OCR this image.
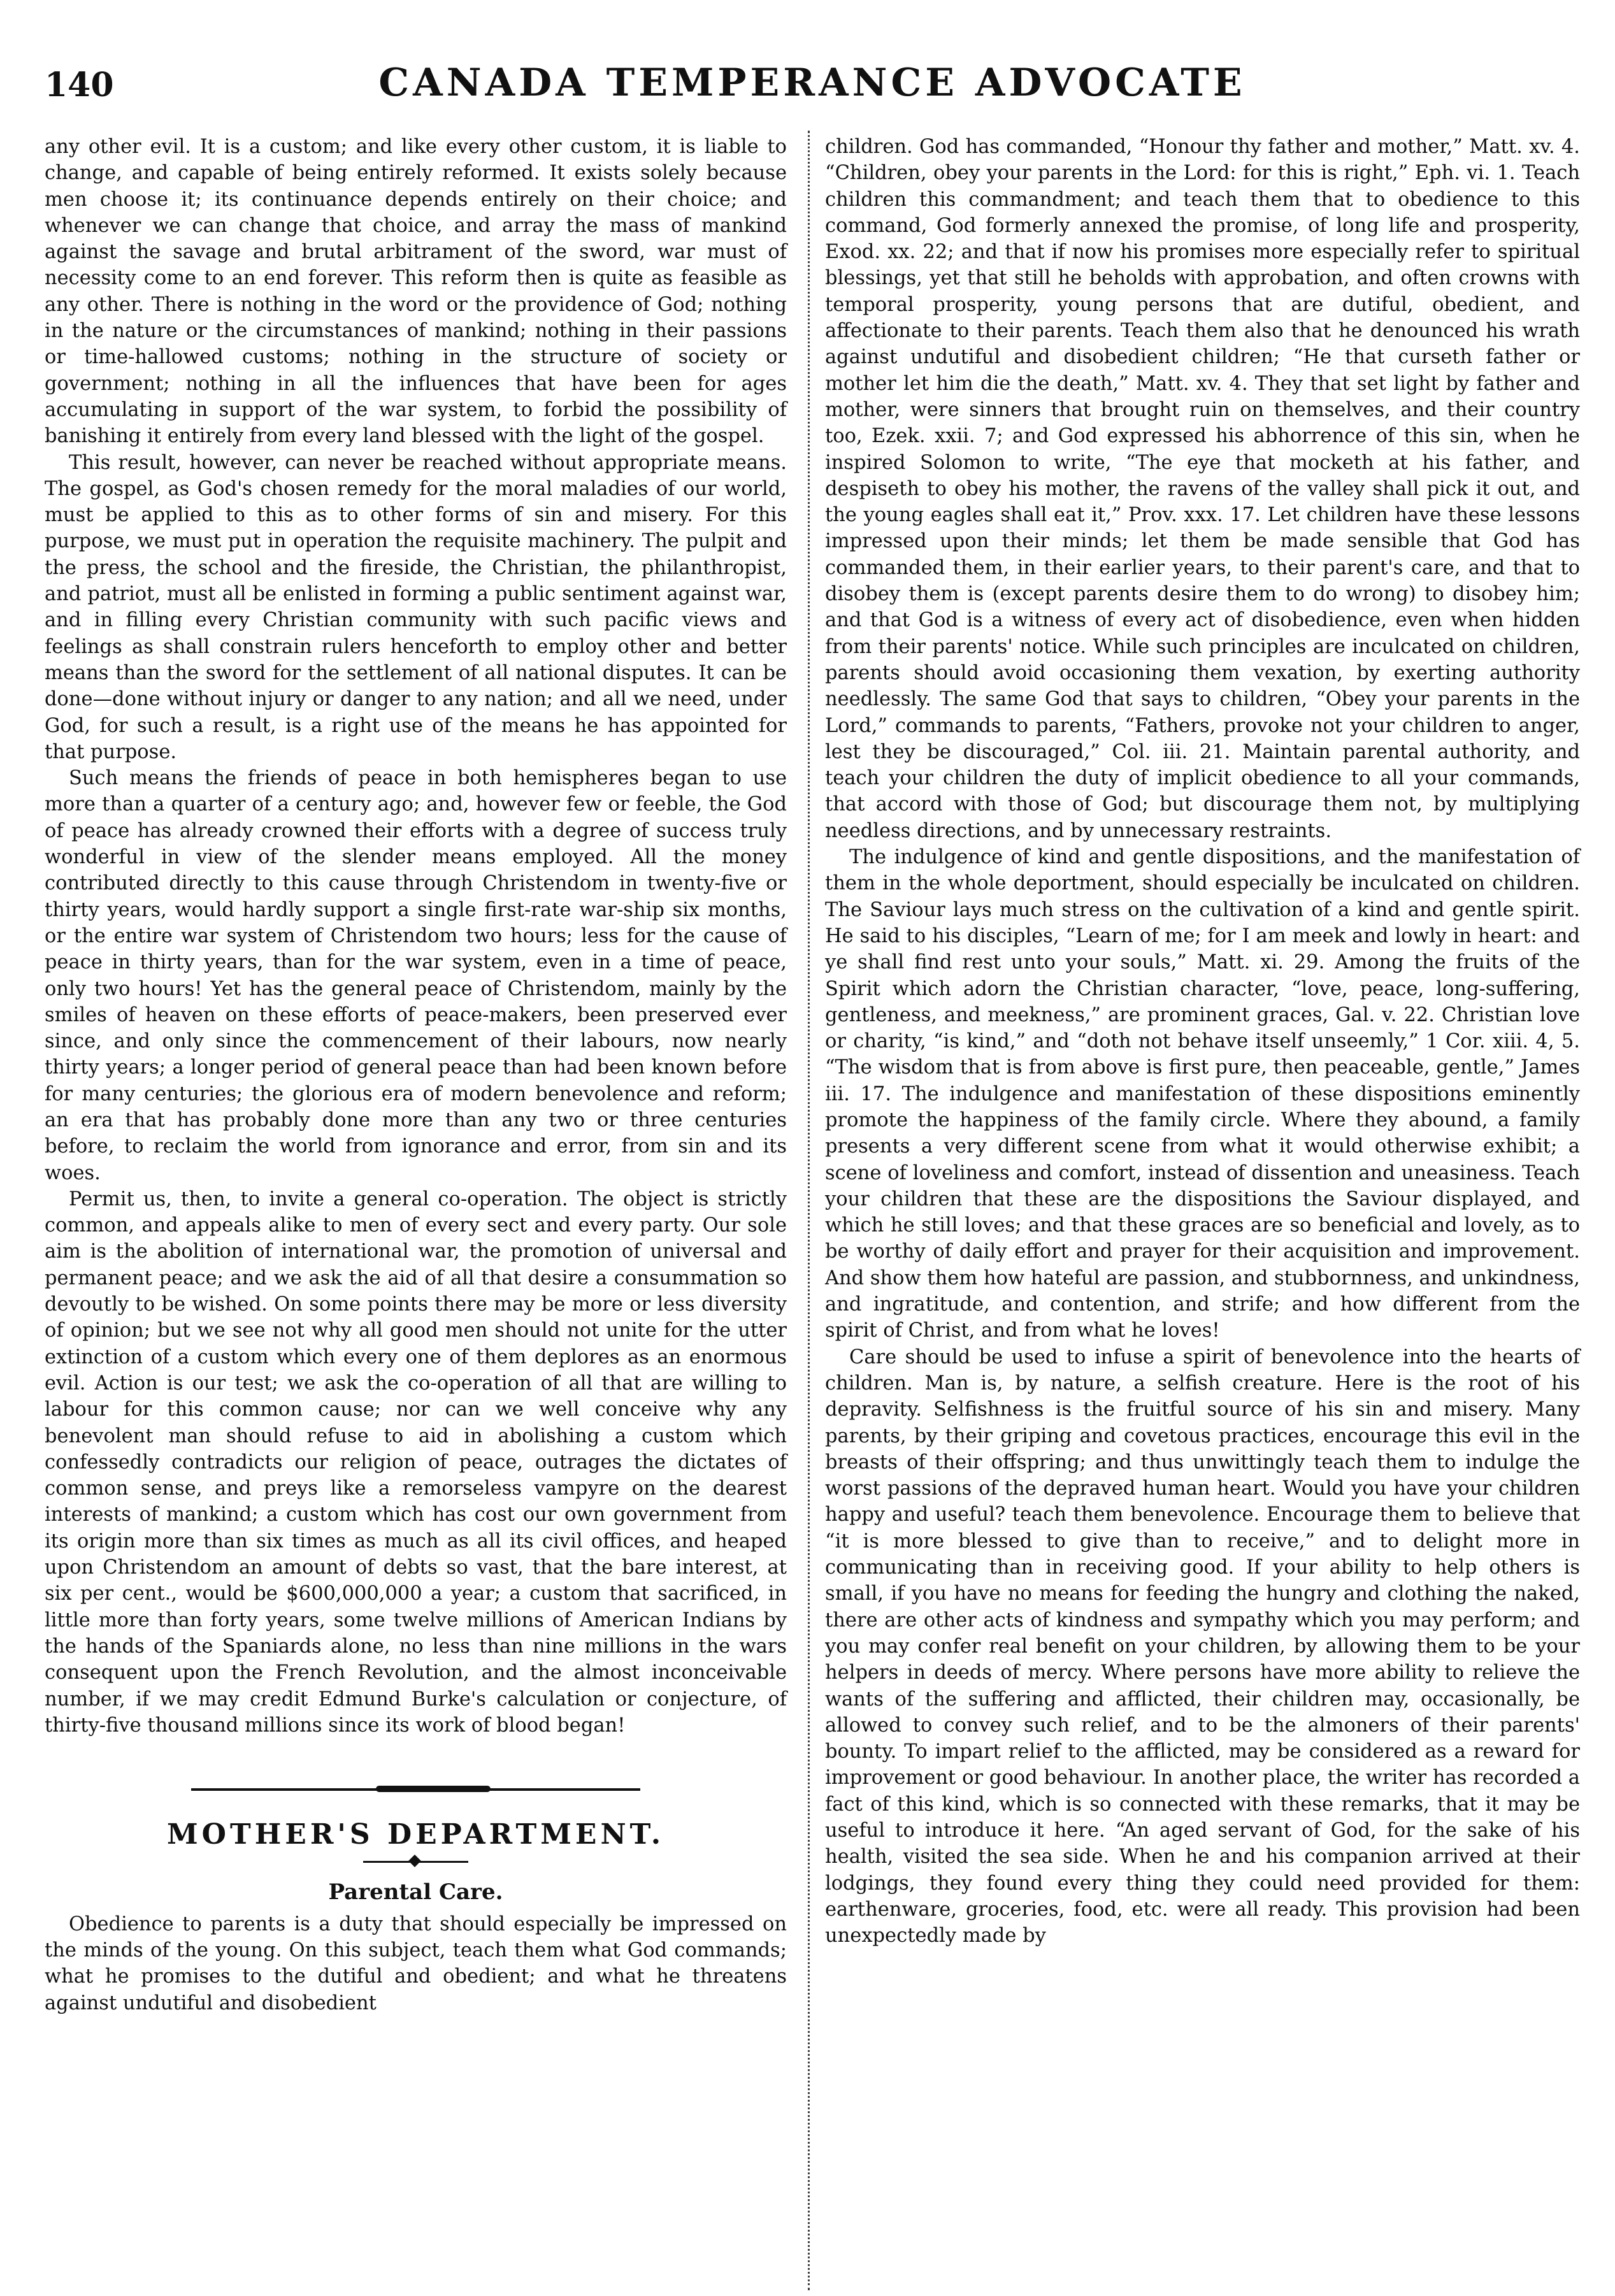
140	CANADA TEMPERANCE ADVOCATE

any other evil. It is a custom; and like every other custom, it is liable to change, and capable of being entirely reformed. It exists solely because men choose it; its continuance depends entirely on their choice; and whenever we can change that choice, and array the mass of mankind against the savage and brutal arbitrament of the sword, war must of necessity come to an end forever. This reform then is quite as feasible as any other. There is nothing in the word or the providence of God; nothing in the nature or the circumstances of mankind; nothing in their passions or time-hallowed customs; nothing in the structure of society or government; nothing in all the influences that have been for ages accumulating in support of the war system, to forbid the possibility of banishing it entirely from every land blessed with the light of the gospel.

This result, however, can never be reached without appropriate means. The gospel, as God's chosen remedy for the moral maladies of our world, must be applied to this as to other forms of sin and misery. For this purpose, we must put in operation the requisite machinery. The pulpit and the press, the school and the fireside, the Christian, the philanthropist, and patriot, must all be enlisted in forming a public sentiment against war, and in filling every Christian community with such pacific views and feelings as shall constrain rulers henceforth to employ other and better means than the sword for the settlement of all national disputes. It can be done—done without injury or danger to any nation; and all we need, under God, for such a result, is a right use of the means he has appointed for that purpose.

Such means the friends of peace in both hemispheres began to use more than a quarter of a century ago; and, however few or feeble, the God of peace has already crowned their efforts with a degree of success truly wonderful in view of the slender means employed. All the money contributed directly to this cause through Christendom in twenty-five or thirty years, would hardly support a single first-rate war-ship six months, or the entire war system of Christendom two hours; less for the cause of peace in thirty years, than for the war system, even in a time of peace, only two hours! Yet has the general peace of Christendom, mainly by the smiles of heaven on these efforts of peace-makers, been preserved ever since, and only since the commencement of their labours, now nearly thirty years; a longer period of general peace than had been known before for many centuries; the glorious era of modern benevolence and reform; an era that has probably done more than any two or three centuries before, to reclaim the world from ignorance and error, from sin and its woes.

Permit us, then, to invite a general co-operation. The object is strictly common, and appeals alike to men of every sect and every party. Our sole aim is the abolition of international war, the promotion of universal and permanent peace; and we ask the aid of all that desire a consummation so devoutly to be wished. On some points there may be more or less diversity of opinion; but we see not why all good men should not unite for the utter extinction of a custom which every one of them deplores as an enormous evil. Action is our test; we ask the co-operation of all that are willing to labour for this common cause; nor can we well conceive why any benevolent man should refuse to aid in abolishing a custom which confessedly contradicts our religion of peace, outrages the dictates of common sense, and preys like a remorseless vampyre on the dearest interests of mankind; a custom which has cost our own government from its origin more than six times as much as all its civil offices, and heaped upon Christendom an amount of debts so vast, that the bare interest, at six per cent., would be $600,000,000 a year; a custom that sacrificed, in little more than forty years, some twelve millions of American Indians by the hands of the Spaniards alone, no less than nine millions in the wars consequent upon the French Revolution, and the almost inconceivable number, if we may credit Edmund Burke's calculation or conjecture, of thirty-five thousand millions since its work of blood began!

MOTHER'S DEPARTMENT.
Parental Care.

Obedience to parents is a duty that should especially be impressed on the minds of the young. On this subject, teach them what God commands; what he promises to the dutiful and obedient; and what he threatens against undutiful and disobedient

children. God has commanded, “Honour thy father and mother,” Matt. xv. 4. “Children, obey your parents in the Lord: for this is right,” Eph. vi. 1. Teach children this commandment; and teach them that to obedience to this command, God formerly annexed the promise, of long life and prosperity, Exod. xx. 22; and that if now his promises more especially refer to spiritual blessings, yet that still he beholds with approbation, and often crowns with temporal prosperity, young persons that are dutiful, obedient, and affectionate to their parents. Teach them also that he denounced his wrath against undutiful and disobedient children; “He that curseth father or mother let him die the death,” Matt. xv. 4. They that set light by father and mother, were sinners that brought ruin on themselves, and their country too, Ezek. xxii. 7; and God expressed his abhorrence of this sin, when he inspired Solomon to write, “The eye that mocketh at his father, and despiseth to obey his mother, the ravens of the valley shall pick it out, and the young eagles shall eat it,” Prov. xxx. 17. Let children have these lessons impressed upon their minds; let them be made sensible that God has commanded them, in their earlier years, to their parent's care, and that to disobey them is (except parents desire them to do wrong) to disobey him; and that God is a witness of every act of disobedience, even when hidden from their parents' notice. While such principles are inculcated on children, parents should avoid occasioning them vexation, by exerting authority needlessly. The same God that says to children, “Obey your parents in the Lord,” commands to parents, “Fathers, provoke not your children to anger, lest they be discouraged,” Col. iii. 21. Maintain parental authority, and teach your children the duty of implicit obedience to all your commands, that accord with those of God; but discourage them not, by multiplying needless directions, and by unnecessary restraints.

The indulgence of kind and gentle dispositions, and the manifestation of them in the whole deportment, should especially be inculcated on children. The Saviour lays much stress on the cultivation of a kind and gentle spirit. He said to his disciples, “Learn of me; for I am meek and lowly in heart: and ye shall find rest unto your souls,” Matt. xi. 29. Among the fruits of the Spirit which adorn the Christian character, “love, peace, long-suffering, gentleness, and meekness,” are prominent graces, Gal. v. 22. Christian love or charity, “is kind,” and “doth not behave itself unseemly,” 1 Cor. xiii. 4, 5. “The wisdom that is from above is first pure, then peaceable, gentle,” James iii. 17. The indulgence and manifestation of these dispositions eminently promote the happiness of the family circle. Where they abound, a family presents a very different scene from what it would otherwise exhibit; a scene of loveliness and comfort, instead of dissention and uneasiness. Teach your children that these are the dispositions the Saviour displayed, and which he still loves; and that these graces are so beneficial and lovely, as to be worthy of daily effort and prayer for their acquisition and improvement. And show them how hateful are passion, and stubbornness, and unkindness, and ingratitude, and contention, and strife; and how different from the spirit of Christ, and from what he loves!

Care should be used to infuse a spirit of benevolence into the hearts of children. Man is, by nature, a selfish creature. Here is the root of his depravity. Selfishness is the fruitful source of his sin and misery. Many parents, by their griping and covetous practices, encourage this evil in the breasts of their offspring; and thus unwittingly teach them to indulge the worst passions of the depraved human heart. Would you have your children happy and useful? teach them benevolence. Encourage them to believe that “it is more blessed to give than to receive,” and to delight more in communicating than in receiving good. If your ability to help others is small, if you have no means for feeding the hungry and clothing the naked, there are other acts of kindness and sympathy which you may perform; and you may confer real benefit on your children, by allowing them to be your helpers in deeds of mercy. Where persons have more ability to relieve the wants of the suffering and afflicted, their children may, occasionally, be allowed to convey such relief, and to be the almoners of their parents' bounty. To impart relief to the afflicted, may be considered as a reward for improvement or good behaviour. In another place, the writer has recorded a fact of this kind, which is so connected with these remarks, that it may be useful to introduce it here. “An aged servant of God, for the sake of his health, visited the sea side. When he and his companion arrived at their lodgings, they found every thing they could need provided for them: earthenware, groceries, food, etc. were all ready. This provision had been unexpectedly made by
